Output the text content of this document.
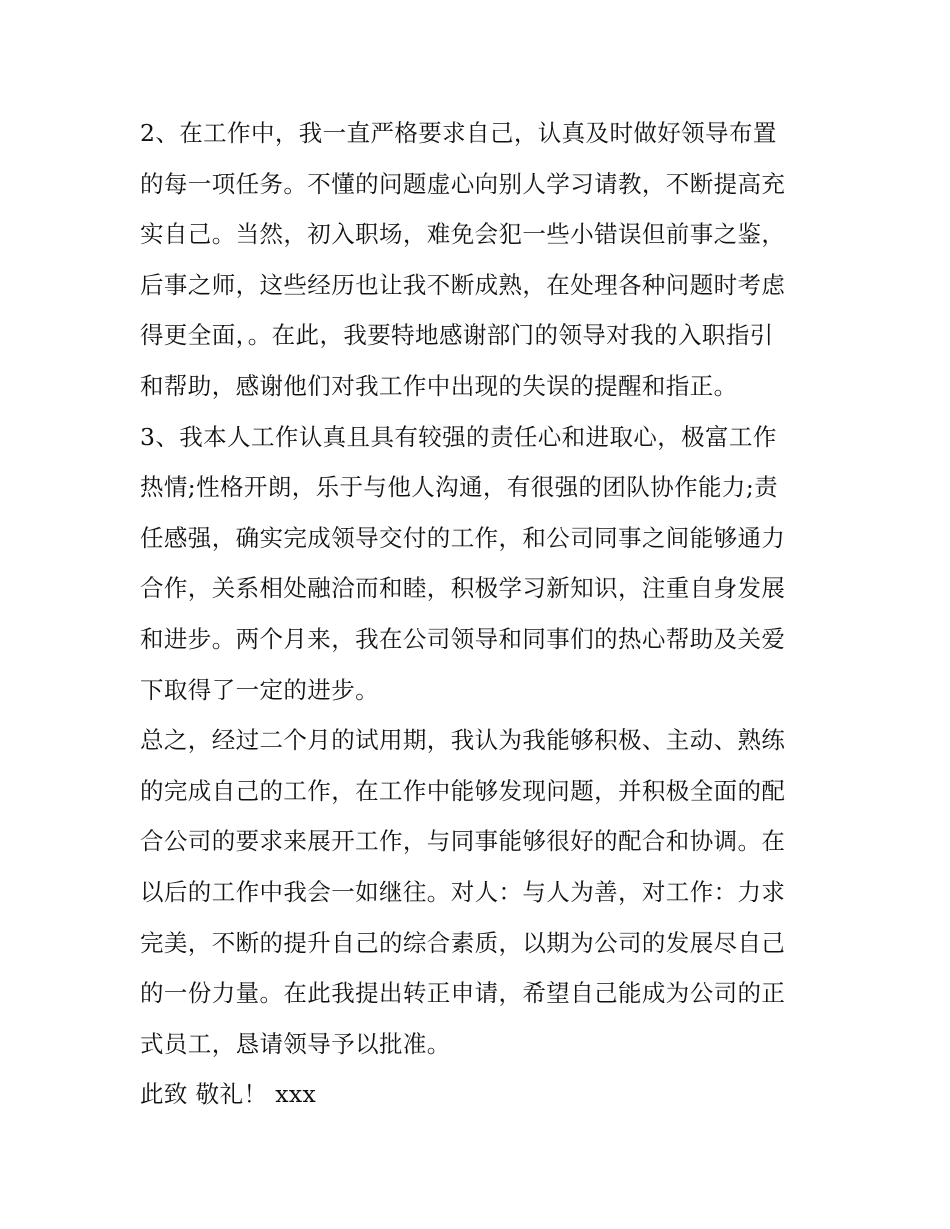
2、在工作中，我一直严格要求自己，认真及时做好领导布置
的每一项任务。不懂的问题虚心向别人学习请教，不断提高充
实自己。当然，初入职场，难免会犯一些小错误但前事之鉴，
后事之师，这些经历也让我不断成熟，在处理各种问题时考虑
得更全面，。在此，我要特地感谢部门的领导对我的入职指引
和帮助，感谢他们对我工作中出现的失误的提醒和指正。
3、我本人工作认真且具有较强的责任心和进取心，极富工作
热情;性格开朗，乐于与他人沟通，有很强的团队协作能力;责
任感强，确实完成领导交付的工作，和公司同事之间能够通力
合作，关系相处融洽而和睦，积极学习新知识，注重自身发展
和进步。两个月来，我在公司领导和同事们的热心帮助及关爱
下取得了一定的进步。
总之，经过二个月的试用期，我认为我能够积极、主动、熟练
的完成自己的工作，在工作中能够发现问题，并积极全面的配
合公司的要求来展开工作，与同事能够很好的配合和协调。在
以后的工作中我会一如继往。对人：与人为善，对工作：力求
完美，不断的提升自己的综合素质，以期为公司的发展尽自己
的一份力量。在此我提出转正申请，希望自己能成为公司的正
式员工，恳请领导予以批准。
此致 敬礼！ xxx
